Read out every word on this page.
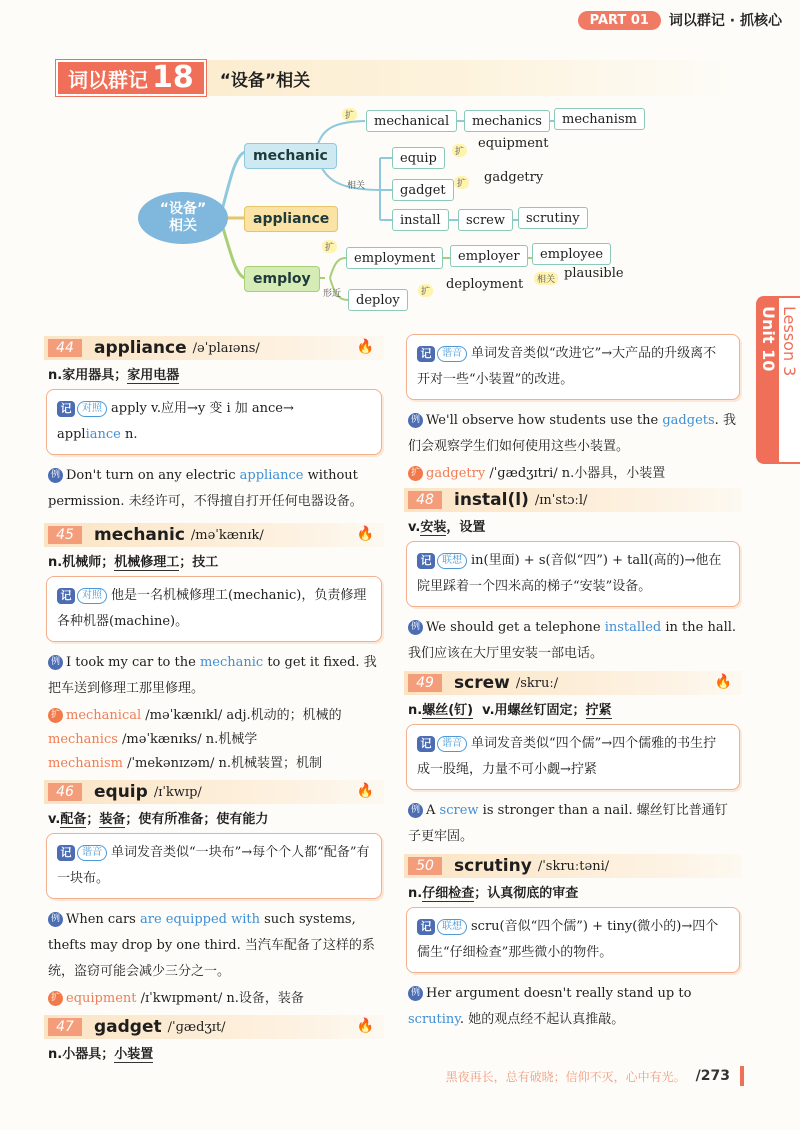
PART 01	词以群记 · 抓核心
词以群记 18 “设备”相关
“设备”
相关
mechanic
appliance
employ
扩	mechanical	mechanics	mechanism
相关
equip	扩
equipment
gadget	扩 gadgetry
install	screw	scrutiny
扩
employment	employer	employee
形近	deploy
扩 deployment	相关 plausible
Unit 10 Lesson 3
44	appliance /əˈplaɪəns/	🔥
n.家用器具；家用电器
记 对照 apply v.应用→y 变 i 加 ance→
appliance n.
例 Don't turn on any electric appliance without permission. 未经许可，不得擅自打开任何电器设备。
45	mechanic /məˈkænɪk/	🔥
n.机械师；机械修理工；技工
记 对照 他是一名机械修理工(mechanic)，负责修理各种机器(machine)。
例 I took my car to the mechanic to get it fixed. 我把车送到修理工那里修理。
扩 mechanical /məˈkænɪkl/ adj.机动的；机械的
mechanics /məˈkænɪks/ n.机械学
mechanism /ˈmekənɪzəm/ n.机械装置；机制
46	equip /ɪˈkwɪp/	🔥
v.配备；装备；使有所准备；使有能力
记 谐音 单词发音类似“一块布”→每个个人都“配备”有一块布。
例 When cars are equipped with such systems, thefts may drop by one third. 当汽车配备了这样的系统，盗窃可能会减少三分之一。
扩 equipment /ɪˈkwɪpmənt/ n.设备，装备
47	gadget /ˈɡædʒɪt/	🔥
n.小器具；小装置
记 谐音 单词发音类似“改进它”→大产品的升级离不开对一些“小装置”的改进。
例 We'll observe how students use the gadgets. 我们会观察学生们如何使用这些小装置。
扩 gadgetry /ˈɡædʒɪtri/ n.小器具，小装置
48	instal(l) /ɪnˈstɔːl/
v.安装，设置
记 联想 in(里面) + s(音似“四”) + tall(高的)→他在院里踩着一个四米高的梯子“安装”设备。
例 We should get a telephone installed in the hall. 我们应该在大厅里安装一部电话。
49	screw /skruː/	🔥
n.螺丝(钉) v.用螺丝钉固定；拧紧
记 谐音 单词发音类似“四个儒”→四个儒雅的书生拧成一股绳，力量不可小觑→拧紧
例 A screw is stronger than a nail. 螺丝钉比普通钉子更牢固。
50	scrutiny /ˈskruːtəni/
n.仔细检查；认真彻底的审查
记 联想 scru(音似“四个儒”) + tiny(微小的)→四个儒生“仔细检查”那些微小的物件。
例 Her argument doesn't really stand up to scrutiny. 她的观点经不起认真推敲。
黑夜再长，总有破晓；信仰不灭，心中有光。 /273
